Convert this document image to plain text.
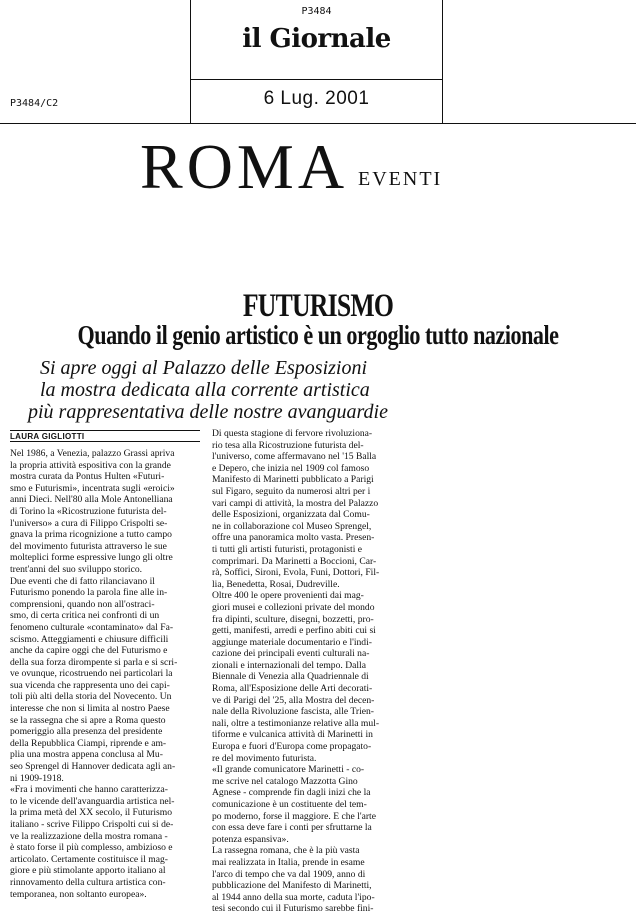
P3484
il Giornale
P3484/C2	6 Lug. 2001
ROMA EVENTI
FUTURISMO
Quando il genio artistico è un orgoglio tutto nazionale
Si apre oggi al Palazzo delle Esposizioni
la mostra dedicata alla corrente artistica
più rappresentativa delle nostre avanguardie
LAURA GIGLIOTTI
Nel 1986, a Venezia, palazzo Grassi apriva
la propria attività espositiva con la grande
mostra curata da Pontus Hulten «Futuri-
smo e Futurismi», incentrata sugli «eroici»
anni Dieci. Nell'80 alla Mole Antonelliana
di Torino la «Ricostruzione futurista del-
l'universo» a cura di Filippo Crispolti se-
gnava la prima ricognizione a tutto campo
del movimento futurista attraverso le sue
molteplici forme espressive lungo gli oltre
trent'anni del suo sviluppo storico.
Due eventi che di fatto rilanciavano il
Futurismo ponendo la parola fine alle in-
comprensioni, quando non all'ostraci-
smo, di certa critica nei confronti di un
fenomeno culturale «contaminato» dal Fa-
scismo. Atteggiamenti e chiusure difficili
anche da capire oggi che del Futurismo e
della sua forza dirompente si parla e si scri-
ve ovunque, ricostruendo nei particolari la
sua vicenda che rappresenta uno dei capi-
toli più alti della storia del Novecento. Un
interesse che non si limita al nostro Paese
se la rassegna che si apre a Roma questo
pomeriggio alla presenza del presidente
della Repubblica Ciampi, riprende e am-
plia una mostra appena conclusa al Mu-
seo Sprengel di Hannover dedicata agli an-
ni 1909-1918.
«Fra i movimenti che hanno caratterizza-
to le vicende dell'avanguardia artistica nel-
la prima metà del XX secolo, il Futurismo
italiano - scrive Filippo Crispolti cui si de-
ve la realizzazione della mostra romana -
è stato forse il più complesso, ambizioso e
articolato. Certamente costituisce il mag-
giore e più stimolante apporto italiano al
rinnovamento della cultura artistica con-
temporanea, non soltanto europea».
Di questa stagione di fervore rivoluziona-
rio tesa alla Ricostruzione futurista del-
l'universo, come affermavano nel '15 Balla
e Depero, che inizia nel 1909 col famoso
Manifesto di Marinetti pubblicato a Parigi
sul Figaro, seguito da numerosi altri per i
vari campi di attività, la mostra del Palazzo
delle Esposizioni, organizzata dal Comu-
ne in collaborazione col Museo Sprengel,
offre una panoramica molto vasta. Presen-
ti tutti gli artisti futuristi, protagonisti e
comprimari. Da Marinetti a Boccioni, Car-
rà, Soffici, Sironi, Evola, Funi, Dottori, Fil-
lia, Benedetta, Rosai, Dudreville.
Oltre 400 le opere provenienti dai mag-
giori musei e collezioni private del mondo
fra dipinti, sculture, disegni, bozzetti, pro-
getti, manifesti, arredi e perfino abiti cui si
aggiunge materiale documentario e l'indi-
cazione dei principali eventi culturali na-
zionali e internazionali del tempo. Dalla
Biennale di Venezia alla Quadriennale di
Roma, all'Esposizione delle Arti decorati-
ve di Parigi del '25, alla Mostra del decen-
nale della Rivoluzione fascista, alle Trien-
nali, oltre a testimonianze relative alla mul-
tiforme e vulcanica attività di Marinetti in
Europa e fuori d'Europa come propagato-
re del movimento futurista.
«Il grande comunicatore Marinetti - co-
me scrive nel catalogo Mazzotta Gino
Agnese - comprende fin dagli inizi che la
comunicazione è un costituente del tem-
po moderno, forse il maggiore. E che l'arte
con essa deve fare i conti per sfruttarne la
potenza espansiva».
La rassegna romana, che è la più vasta
mai realizzata in Italia, prende in esame
l'arco di tempo che va dal 1909, anno di
pubblicazione del Manifesto di Marinetti,
al 1944 anno della sua morte, caduta l'ipo-
tesi secondo cui il Futurismo sarebbe fini-
